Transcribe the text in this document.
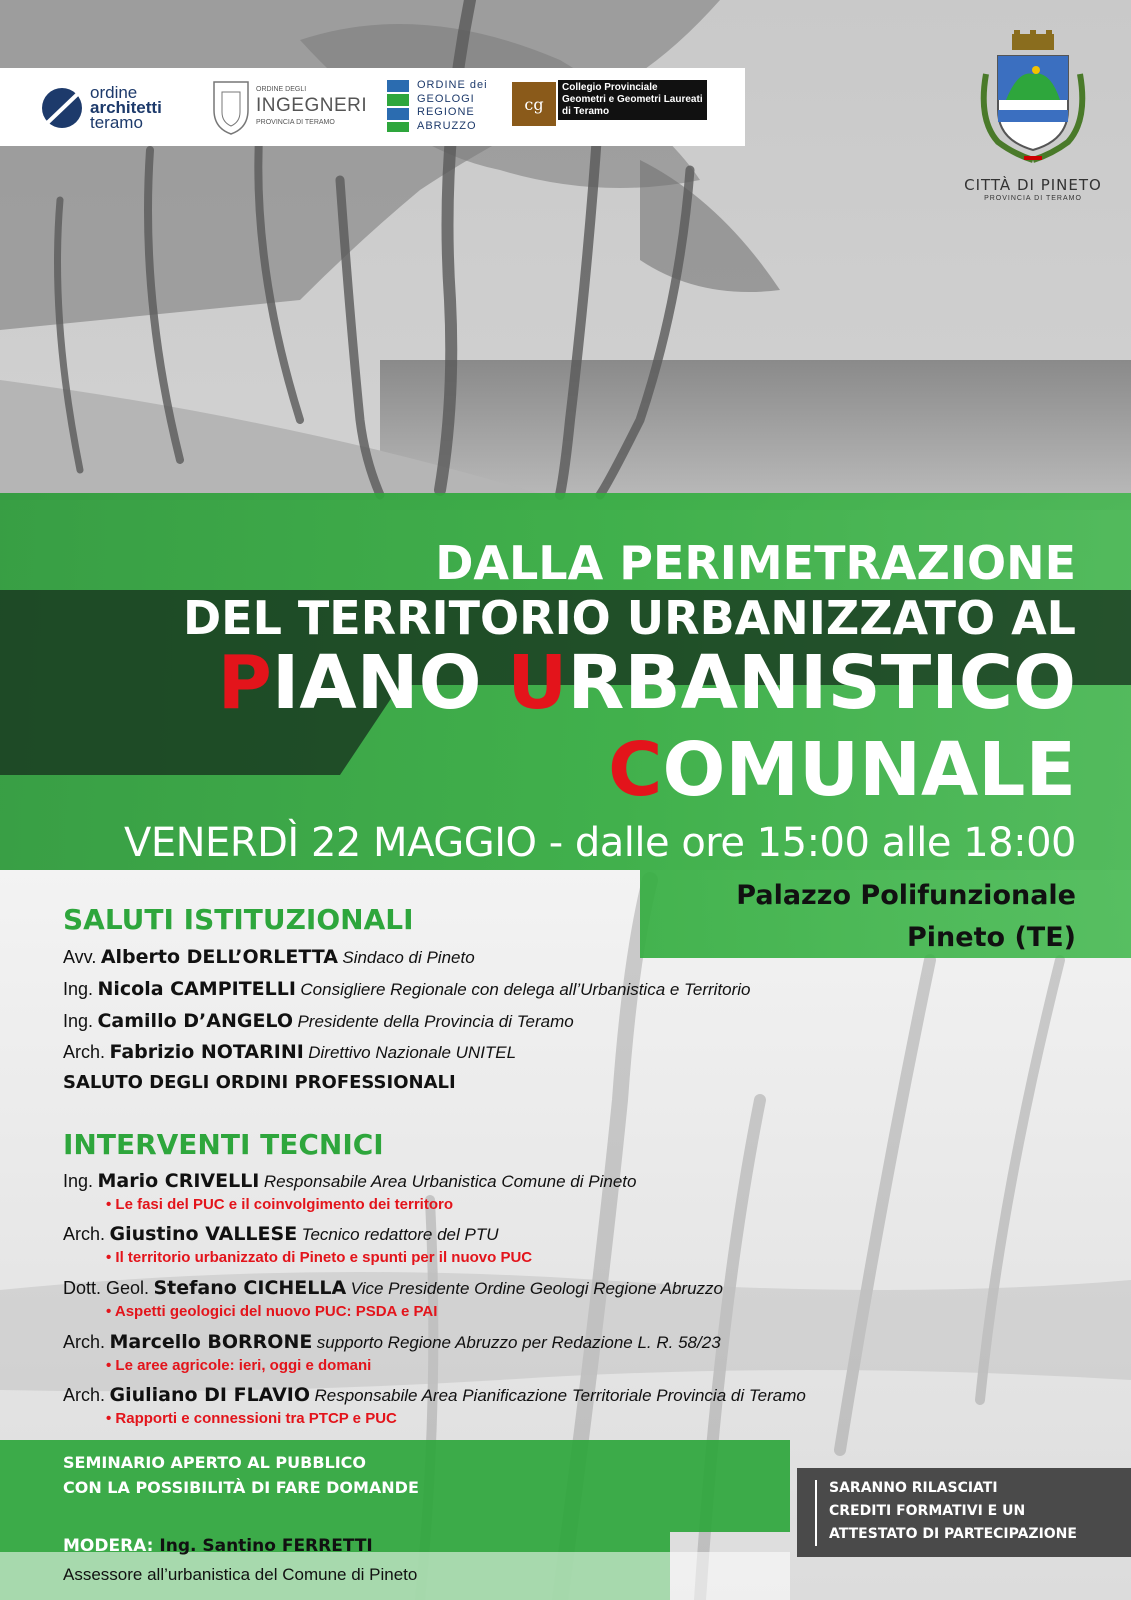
ordine
architetti
teramo
ORDINE DEGLI
INGEGNERI
PROVINCIA DI TERAMO
ORDINE dei
GEOLOGI
REGIONE
ABRUZZO
cg
Collegio Provinciale
Geometri e Geometri Laureati
di Teramo
CITTÀ DI PINETO
PROVINCIA DI TERAMO
DALLA PERIMETRAZIONE
DEL TERRITORIO URBANIZZATO AL
PIANO URBANISTICO
COMUNALE
VENERDÌ 22 MAGGIO - dalle ore 15:00 alle 18:00
Palazzo Polifunzionale
Pineto (TE)
SALUTI ISTITUZIONALI
Avv. Alberto DELL’ORLETTA Sindaco di Pineto
Ing. Nicola CAMPITELLI Consigliere Regionale con delega all’Urbanistica e Territorio
Ing. Camillo D’ANGELO Presidente della Provincia di Teramo
Arch. Fabrizio NOTARINI Direttivo Nazionale UNITEL
SALUTO DEGLI ORDINI PROFESSIONALI
INTERVENTI TECNICI
Ing. Mario CRIVELLI Responsabile Area Urbanistica Comune di Pineto
• Le fasi del PUC e il coinvolgimento dei territoro
Arch. Giustino VALLESE Tecnico redattore del PTU
• Il territorio urbanizzato di Pineto e spunti per il nuovo PUC
Dott. Geol. Stefano CICHELLA Vice Presidente Ordine Geologi Regione Abruzzo
• Aspetti geologici del nuovo PUC: PSDA e PAI
Arch. Marcello BORRONE supporto Regione Abruzzo per Redazione L. R. 58/23
• Le aree agricole: ieri, oggi e domani
Arch. Giuliano DI FLAVIO Responsabile Area Pianificazione Territoriale Provincia di Teramo
• Rapporti e connessioni tra PTCP e PUC
SEMINARIO APERTO AL PUBBLICO
CON LA POSSIBILITÀ DI FARE DOMANDE
MODERA: Ing. Santino FERRETTI
Assessore all’urbanistica del Comune di Pineto
SARANNO RILASCIATI
CREDITI FORMATIVI E UN
ATTESTATO DI PARTECIPAZIONE
